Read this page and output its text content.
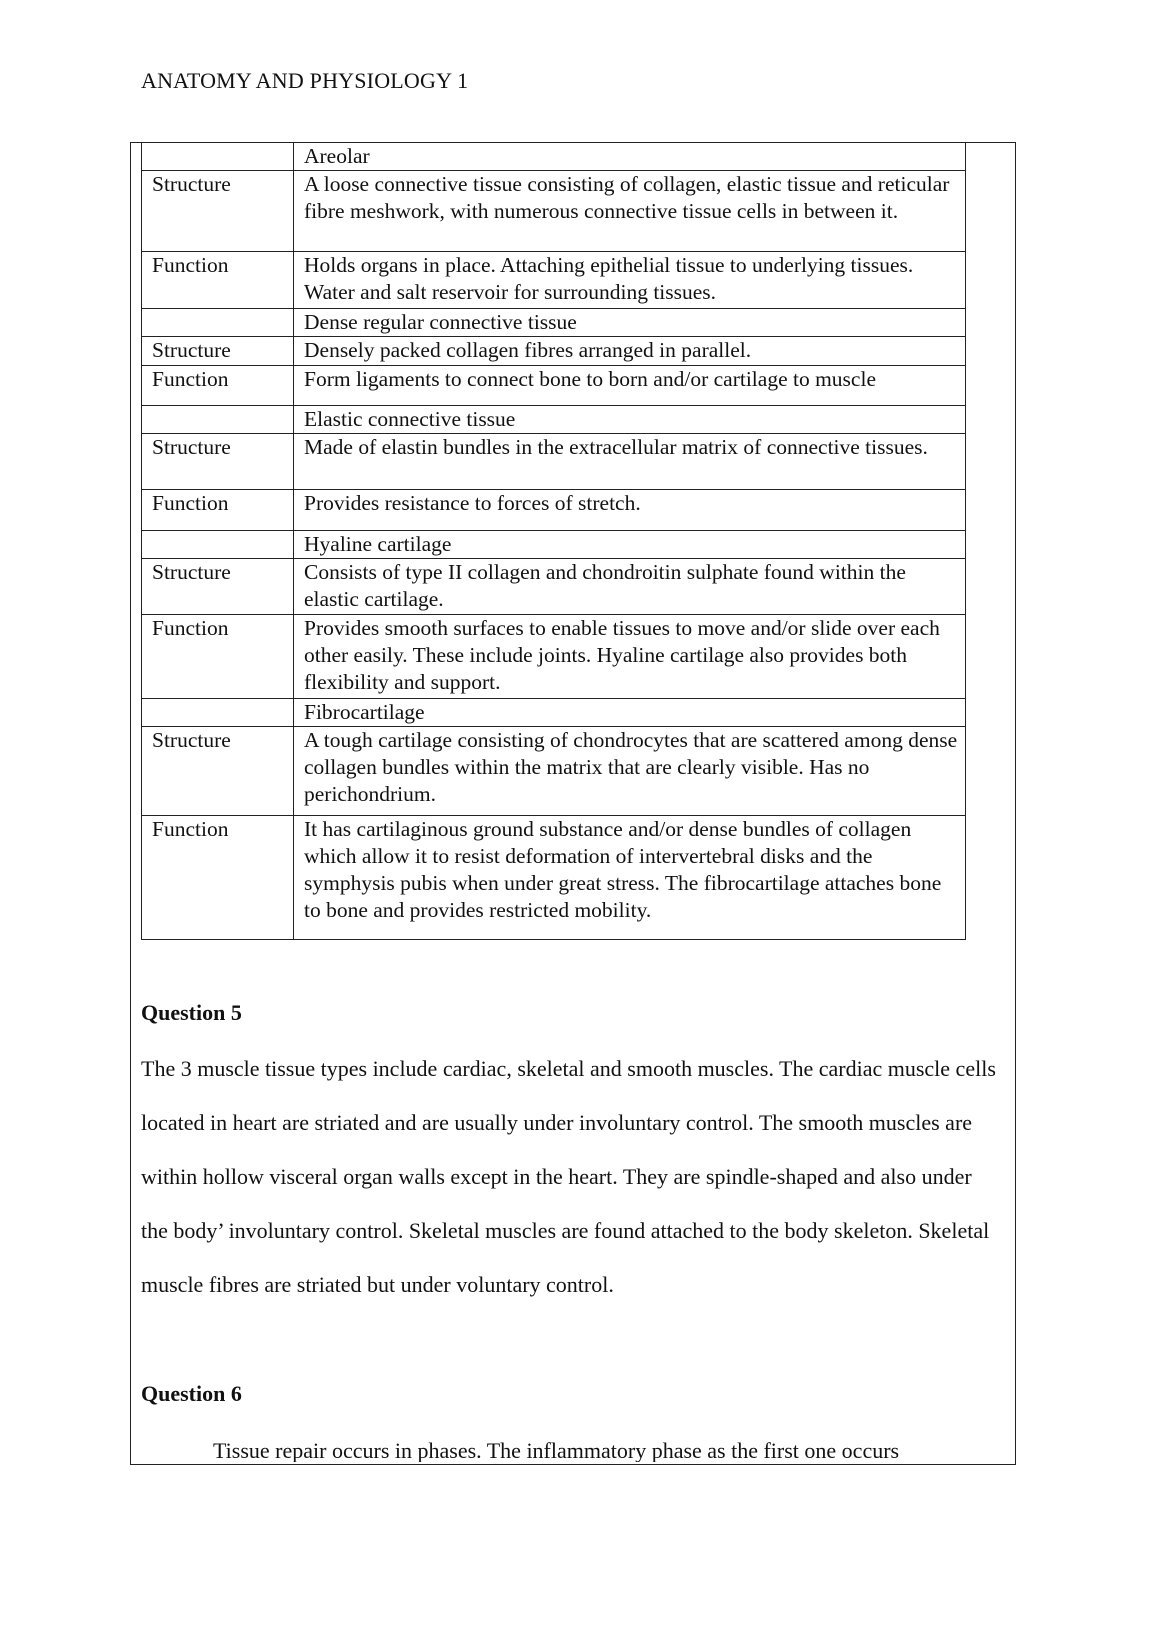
ANATOMY AND PHYSIOLOGY 1
	Areolar
Structure	A loose connective tissue consisting of collagen, elastic tissue and reticular fibre meshwork, with numerous connective tissue cells in between it.
Function	Holds organs in place. Attaching epithelial tissue to underlying tissues. Water and salt reservoir for surrounding tissues.
	Dense regular connective tissue
Structure	Densely packed collagen fibres arranged in parallel.
Function	Form ligaments to connect bone to born and/or cartilage to muscle
	Elastic connective tissue
Structure	Made of elastin bundles in the extracellular matrix of connective tissues.
Function	Provides resistance to forces of stretch.
	Hyaline cartilage
Structure	Consists of type II collagen and chondroitin sulphate found within the elastic cartilage.
Function	Provides smooth surfaces to enable tissues to move and/or slide over each other easily. These include joints. Hyaline cartilage also provides both flexibility and support.
	Fibrocartilage
Structure	A tough cartilage consisting of chondrocytes that are scattered among dense collagen bundles within the matrix that are clearly visible. Has no perichondrium.
Function	It has cartilaginous ground substance and/or dense bundles of collagen which allow it to resist deformation of intervertebral disks and the symphysis pubis when under great stress. The fibrocartilage attaches bone to bone and provides restricted mobility.
Question 5

The 3 muscle tissue types include cardiac, skeletal and smooth muscles. The cardiac muscle cells located in heart are striated and are usually under involuntary control. The smooth muscles are within hollow visceral organ walls except in the heart. They are spindle-shaped and also under the body’ involuntary control. Skeletal muscles are found attached to the body skeleton. Skeletal muscle fibres are striated but under voluntary control.

Question 6

Tissue repair occurs in phases. The inflammatory phase as the first one occurs
